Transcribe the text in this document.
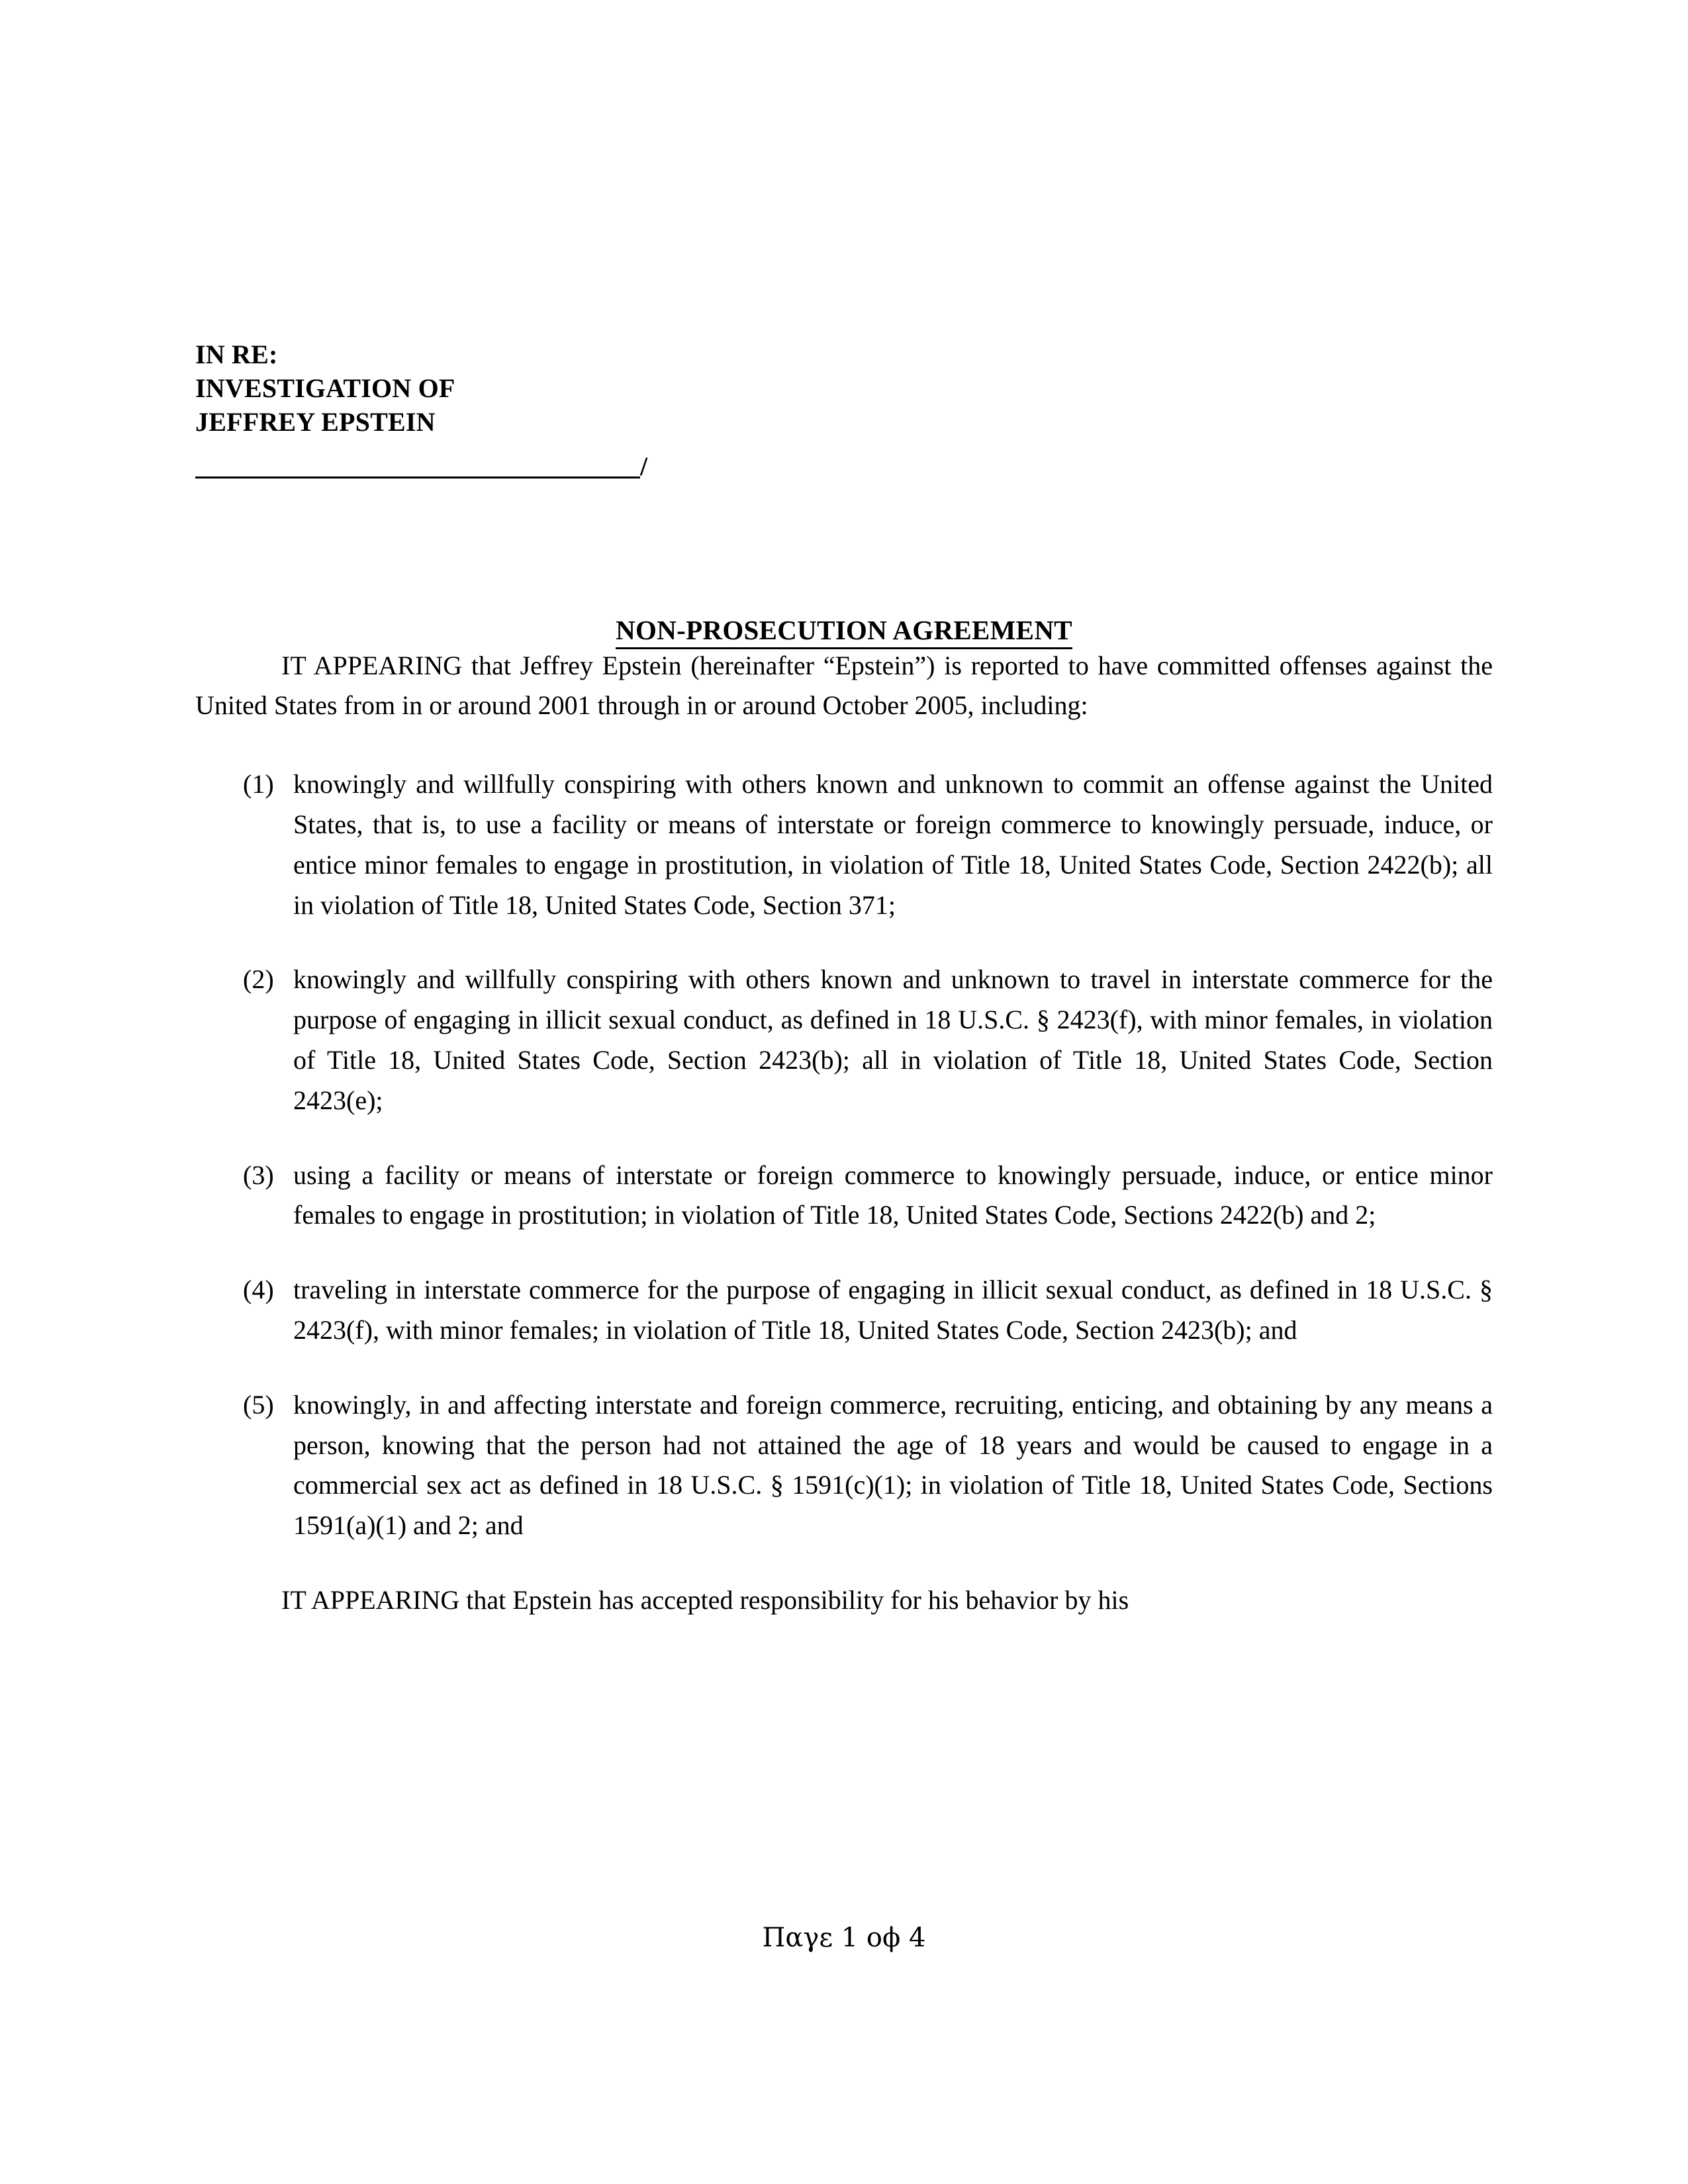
IN RE:
INVESTIGATION OF
JEFFREY EPSTEIN
/
NON-PROSECUTION AGREEMENT

IT APPEARING that Jeffrey Epstein (hereinafter “Epstein”) is reported to have committed offenses against the United States from in or around 2001 through in or around October 2005, including:

(1) knowingly and willfully conspiring with others known and unknown to commit an offense against the United States, that is, to use a facility or means of interstate or foreign commerce to knowingly persuade, induce, or entice minor females to engage in prostitution, in violation of Title 18, United States Code, Section 2422(b); all in violation of Title 18, United States Code, Section 371;
(2) knowingly and willfully conspiring with others known and unknown to travel in interstate commerce for the purpose of engaging in illicit sexual conduct, as defined in 18 U.S.C. § 2423(f), with minor females, in violation of Title 18, United States Code, Section 2423(b); all in violation of Title 18, United States Code, Section 2423(e);
(3) using a facility or means of interstate or foreign commerce to knowingly persuade, induce, or entice minor females to engage in prostitution; in violation of Title 18, United States Code, Sections 2422(b) and 2;
(4) traveling in interstate commerce for the purpose of engaging in illicit sexual conduct, as defined in 18 U.S.C. § 2423(f), with minor females; in violation of Title 18, United States Code, Section 2423(b); and
(5) knowingly, in and affecting interstate and foreign commerce, recruiting, enticing, and obtaining by any means a person, knowing that the person had not attained the age of 18 years and would be caused to engage in a commercial sex act as defined in 18 U.S.C. § 1591(c)(1); in violation of Title 18, United States Code, Sections 1591(a)(1) and 2; and

IT APPEARING that Epstein has accepted responsibility for his behavior by his

Παγε 1 οϕ 4
